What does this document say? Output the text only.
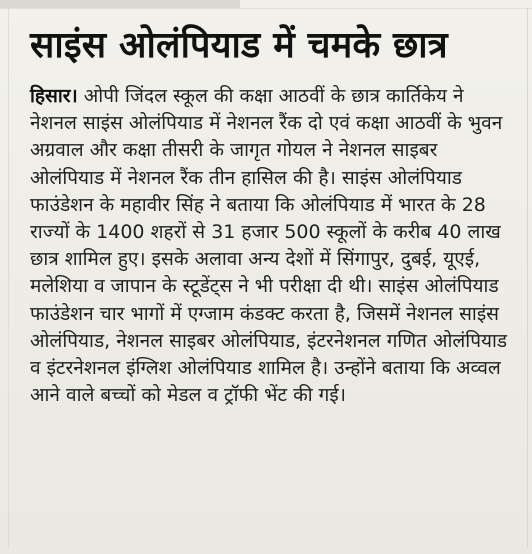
साइंस ओलंपियाड में चमके छात्र

हिसार। ओपी जिंदल स्कूल की कक्षा आठवीं के छात्र कार्तिकेय ने नेशनल साइंस ओलंपियाड में नेशनल रैंक दो एवं कक्षा आठवीं के भुवन अग्रवाल और कक्षा तीसरी के जागृत गोयल ने नेशनल साइबर ओलंपियाड में नेशनल रैंक तीन हासिल की है। साइंस ओलंपियाड फाउंडेशन के महावीर सिंह ने बताया कि ओलंपियाड में भारत के 28 राज्यों के 1400 शहरों से 31 हजार 500 स्कूलों के करीब 40 लाख छात्र शामिल हुए। इसके अलावा अन्य देशों में सिंगापुर, दुबई, यूएई, मलेशिया व जापान के स्टूडेंट्स ने भी परीक्षा दी थी। साइंस ओलंपियाड फाउंडेशन चार भागों में एग्जाम कंडक्ट करता है, जिसमें नेशनल साइंस ओलंपियाड, नेशनल साइबर ओलंपियाड, इंटरनेशनल गणित ओलंपियाड व इंटरनेशनल इंग्लिश ओलंपियाड शामिल है। उन्होंने बताया कि अव्वल आने वाले बच्चों को मेडल व ट्रॉफी भेंट की गई।
